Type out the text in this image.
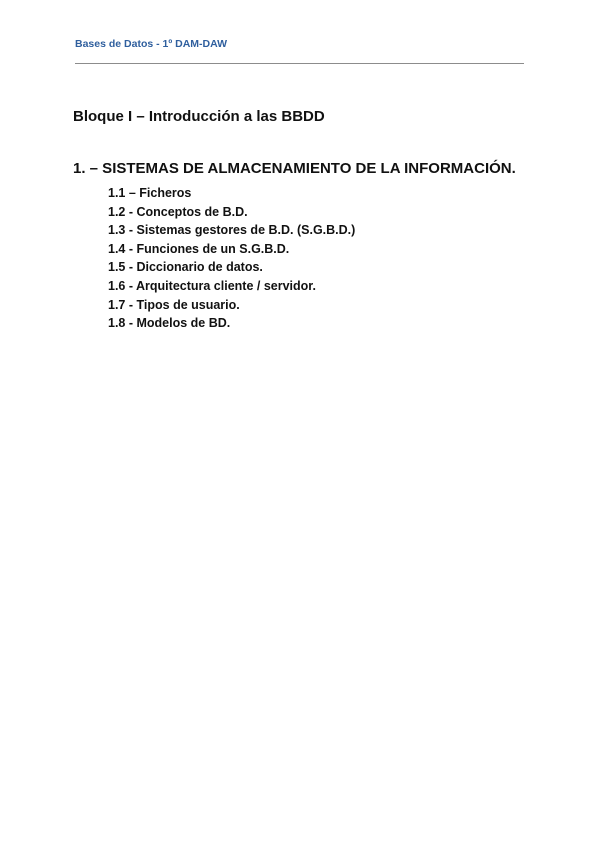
Bases de Datos - 1º DAM-DAW
Bloque I – Introducción a las BBDD
1. – SISTEMAS DE ALMACENAMIENTO DE LA INFORMACIÓN.
1.1 – Ficheros
1.2 - Conceptos de B.D.
1.3 - Sistemas gestores de B.D. (S.G.B.D.)
1.4 - Funciones de un S.G.B.D.
1.5 - Diccionario de datos.
1.6 - Arquitectura cliente / servidor.
1.7 - Tipos de usuario.
1.8 - Modelos de BD.
